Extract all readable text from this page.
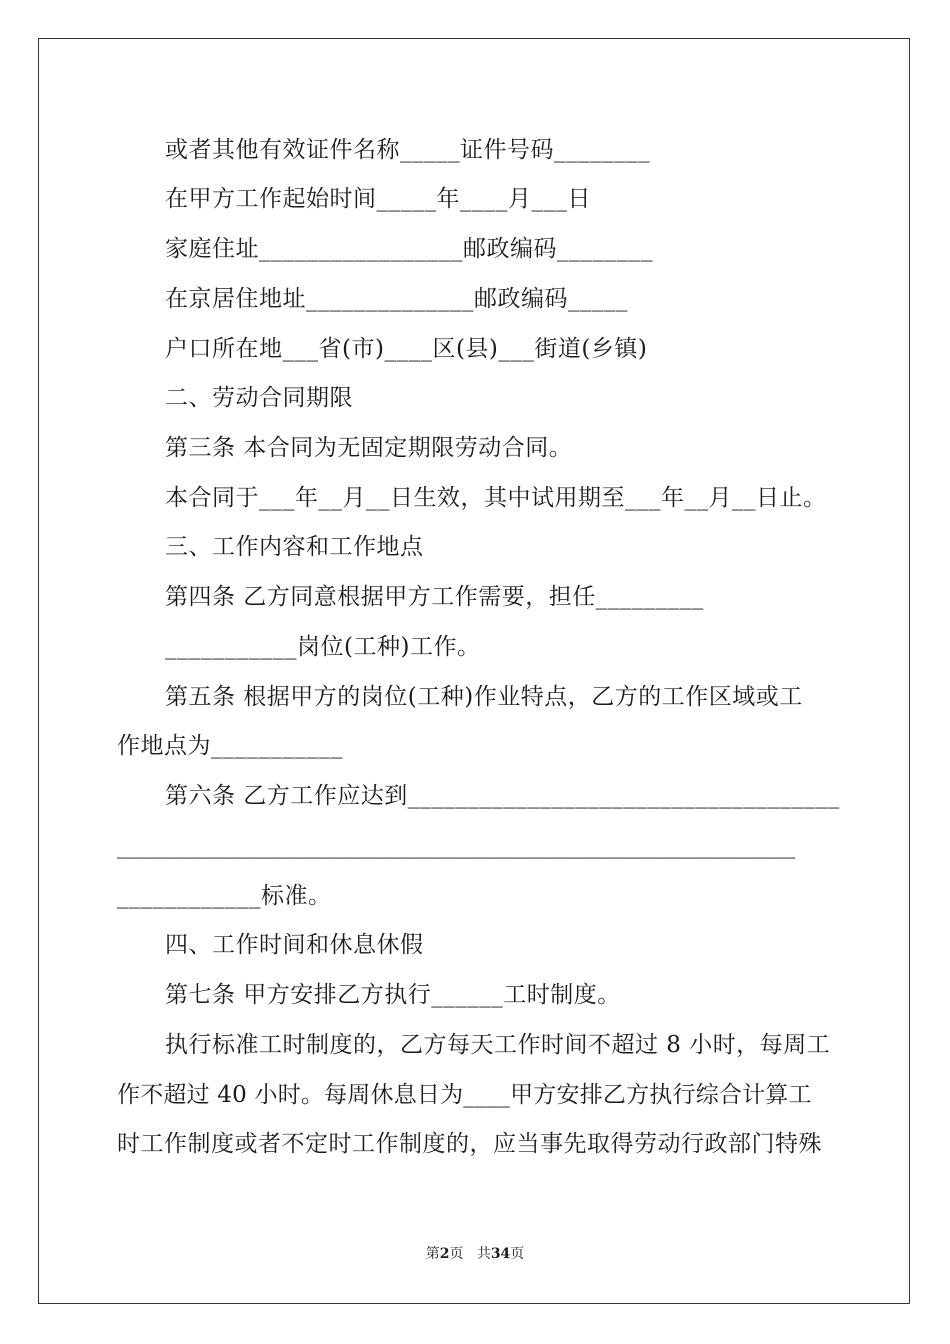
或者其他有效证件名称_____证件号码________
在甲方工作起始时间_____年____月___日
家庭住址_________________邮政编码________
在京居住地址______________邮政编码_____
户口所在地___省(市)____区(县)___街道(乡镇)
二、劳动合同期限
第三条 本合同为无固定期限劳动合同。
本合同于___年__月__日生效，其中试用期至___年__月__日止。
三、工作内容和工作地点
第四条 乙方同意根据甲方工作需要，担任_________
___________岗位(工种)工作。
第五条 根据甲方的岗位(工种)作业特点，乙方的工作区域或工
作地点为___________
第六条 乙方工作应达到____________________________________
____________________________________________________________
____________标准。
四、工作时间和休息休假
第七条 甲方安排乙方执行______工时制度。
执行标准工时制度的，乙方每天工作时间不超过 8 小时，每周工
作不超过 40 小时。每周休息日为____甲方安排乙方执行综合计算工
时工作制度或者不定时工作制度的，应当事先取得劳动行政部门特殊
第2页 共34页
